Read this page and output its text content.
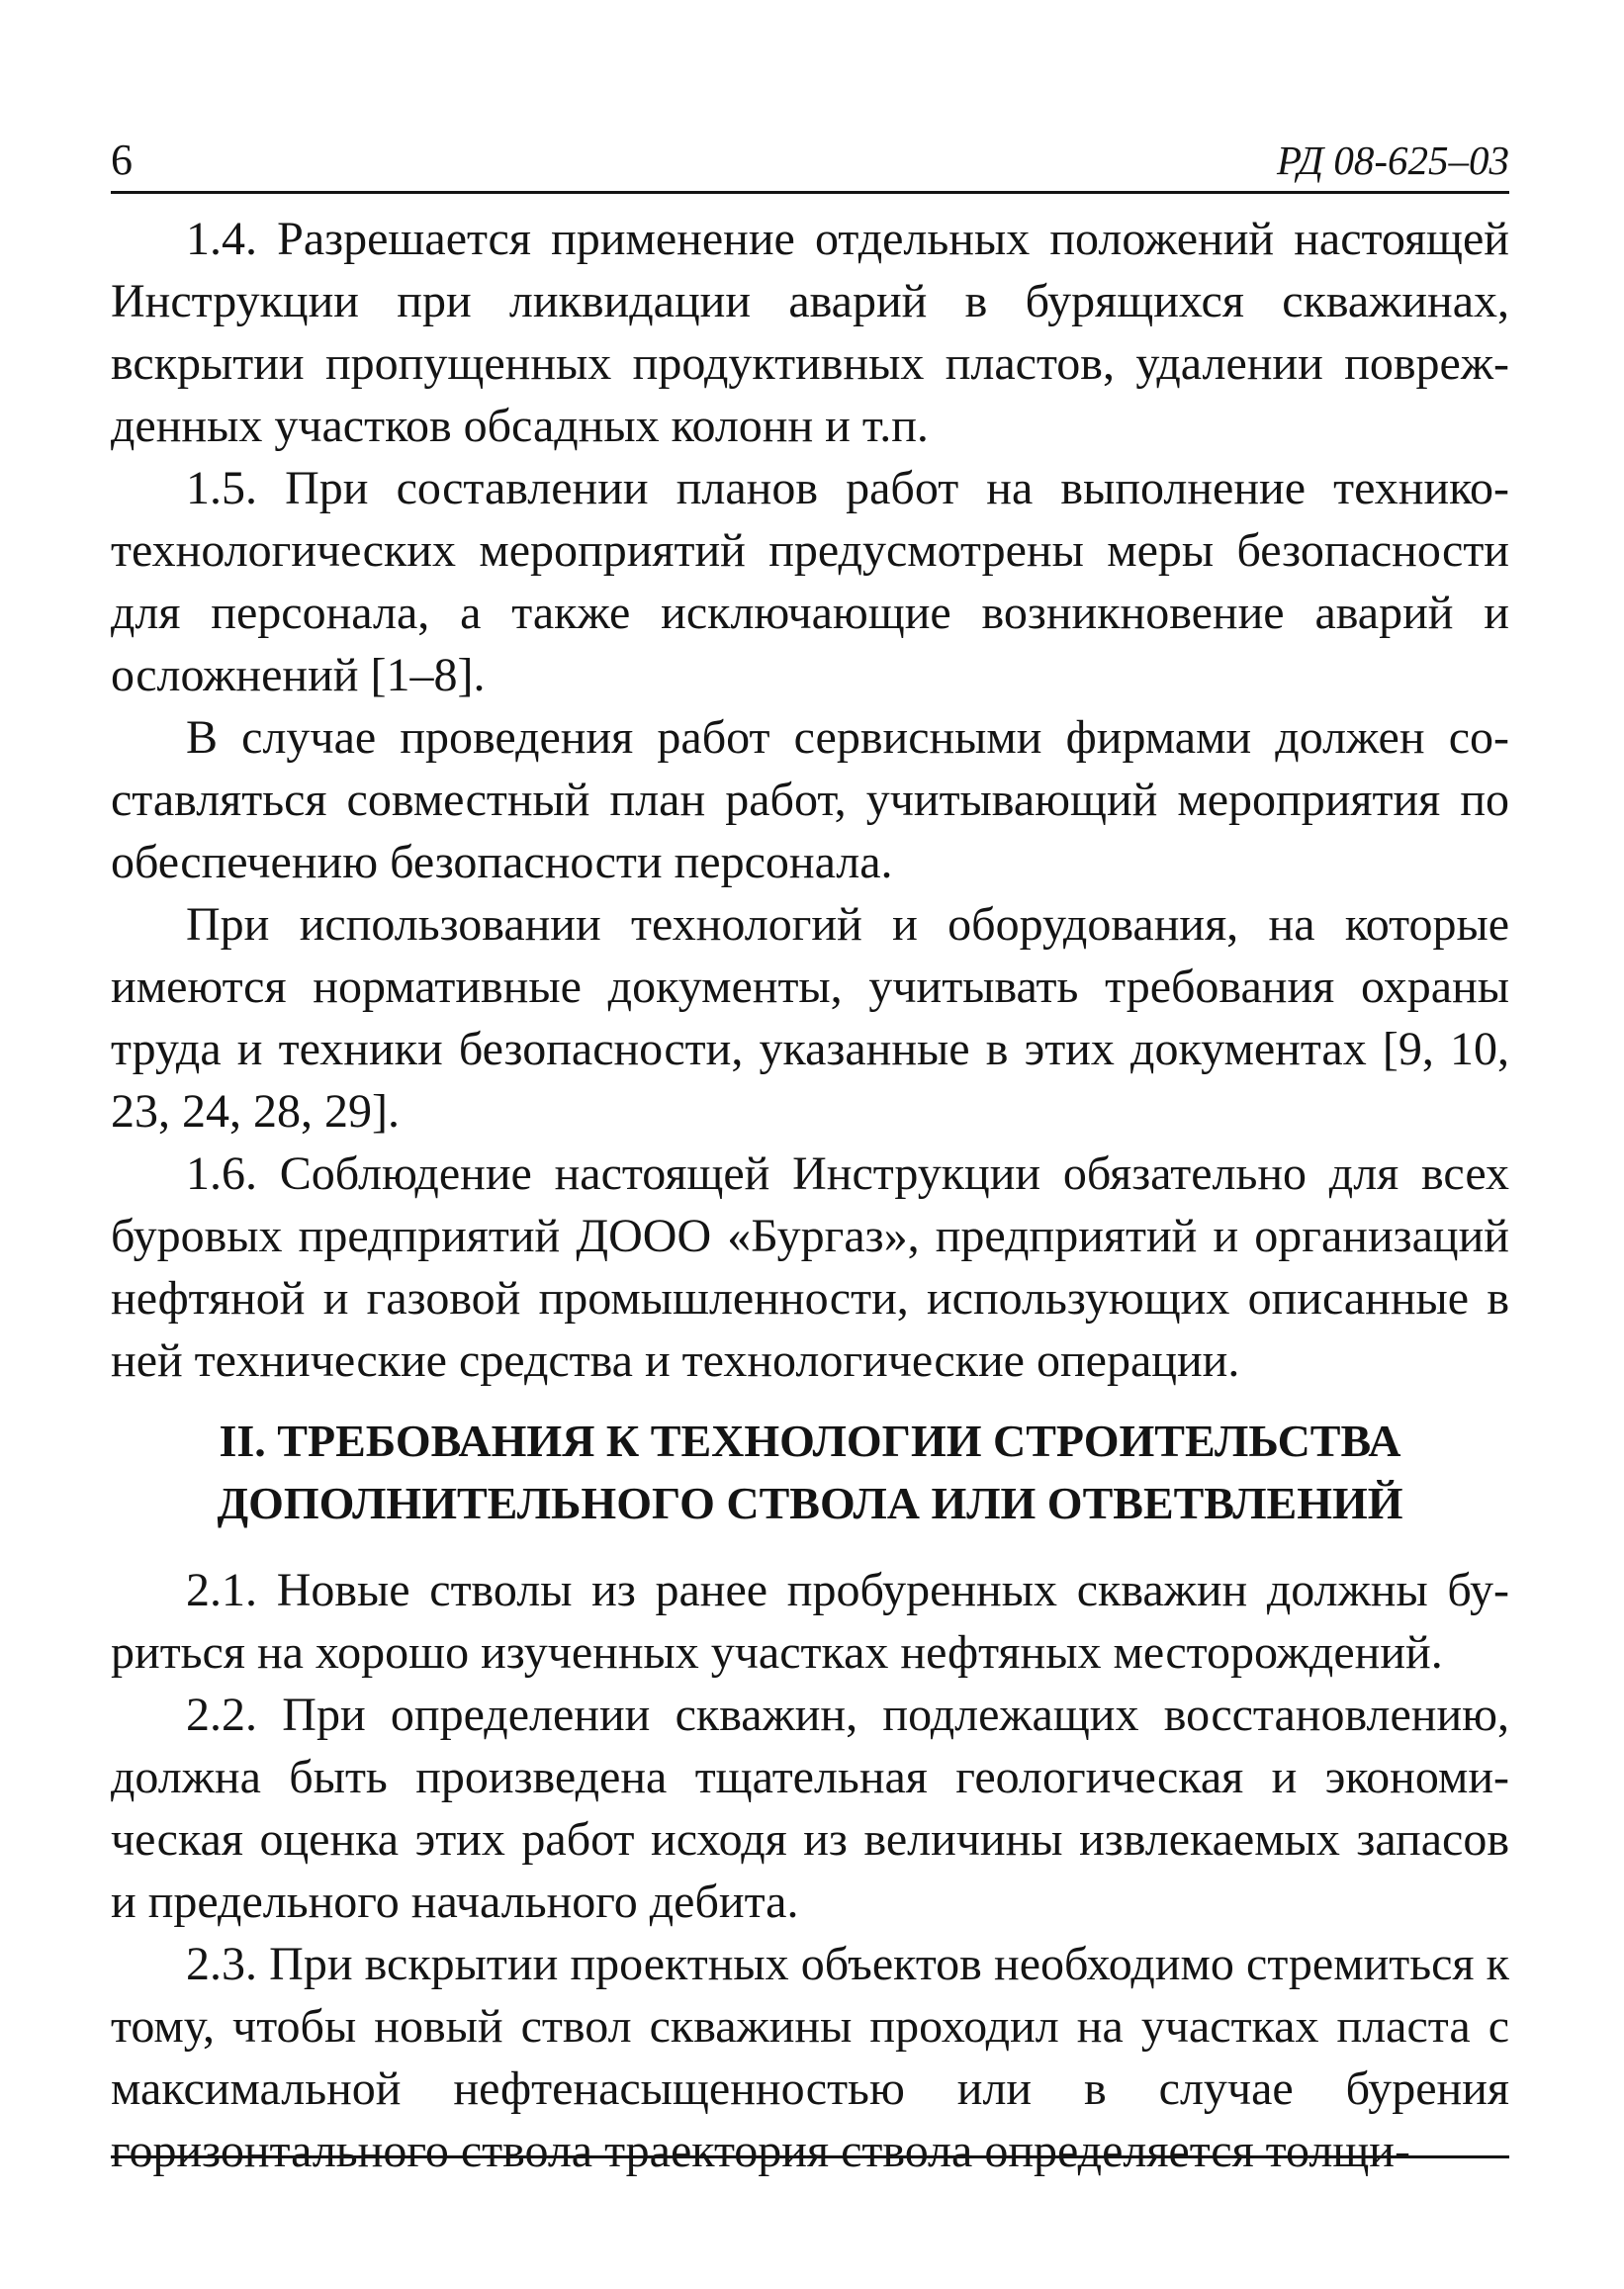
6	РД 08-625–03

1.4. Разрешается применение отдельных положений настоящей Инструкции при ликвидации аварий в бурящихся скважинах, вскрытии пропущенных продуктивных пластов, удалении поврежденных участков обсадных колонн и т.п.

1.5. При составлении планов работ на выполнение технико-технологических мероприятий предусмотрены меры безопасности для персонала, а также исключающие возникновение аварий и осложнений [1–8].

В случае проведения работ сервисными фирмами должен составляться совместный план работ, учитывающий мероприятия по обеспечению безопасности персонала.

При использовании технологий и оборудования, на которые имеются нормативные документы, учитывать требования охраны труда и техники безопасности, указанные в этих документах [9, 10, 23, 24, 28, 29].

1.6. Соблюдение настоящей Инструкции обязательно для всех буровых предприятий ДООО «Бургаз», предприятий и организаций нефтяной и газовой промышленности, использующих описанные в ней технические средства и технологические операции.

II. ТРЕБОВАНИЯ К ТЕХНОЛОГИИ СТРОИТЕЛЬСТВА
ДОПОЛНИТЕЛЬНОГО СТВОЛА ИЛИ ОТВЕТВЛЕНИЙ

2.1. Новые стволы из ранее пробуренных скважин должны буриться на хорошо изученных участках нефтяных месторождений.

2.2. При определении скважин, подлежащих восстановлению, должна быть произведена тщательная геологическая и экономическая оценка этих работ исходя из величины извлекаемых запасов и предельного начального дебита.

2.3. При вскрытии проектных объектов необходимо стремиться к тому, чтобы новый ствол скважины проходил на участках пласта с максимальной нефтенасыщенностью или в случае бурения горизонтального ствола траектория ствола определяется толщи-
